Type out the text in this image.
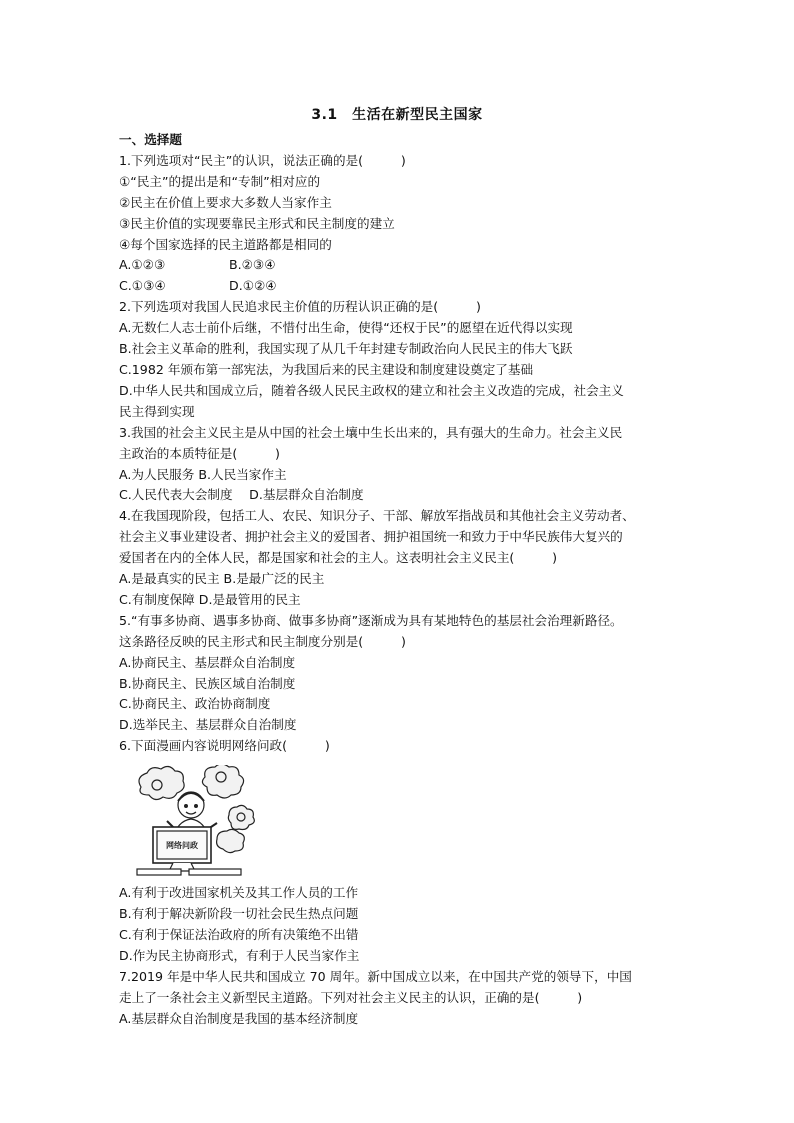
3.1　生活在新型民主国家
一、选择题
1.下列选项对“民主”的认识，说法正确的是(　　　)
①“民主”的提出是和“专制”相对应的
②民主在价值上要求大多数人当家作主
③民主价值的实现要靠民主形式和民主制度的建立
④每个国家选择的民主道路都是相同的
A.①②③	B.②③④
C.①③④	D.①②④
2.下列选项对我国人民追求民主价值的历程认识正确的是(　　　)
A.无数仁人志士前仆后继，不惜付出生命，使得“还权于民”的愿望在近代得以实现
B.社会主义革命的胜利，我国实现了从几千年封建专制政治向人民民主的伟大飞跃
C.1982 年颁布第一部宪法，为我国后来的民主建设和制度建设奠定了基础
D.中华人民共和国成立后，随着各级人民民主政权的建立和社会主义改造的完成，社会主义
民主得到实现
3.我国的社会主义民主是从中国的社会土壤中生长出来的，具有强大的生命力。社会主义民
主政治的本质特征是(　　　)
A.为人民服务 B.人民当家作主
C.人民代表大会制度　 D.基层群众自治制度
4.在我国现阶段，包括工人、农民、知识分子、干部、解放军指战员和其他社会主义劳动者、
社会主义事业建设者、拥护社会主义的爱国者、拥护祖国统一和致力于中华民族伟大复兴的
爱国者在内的全体人民，都是国家和社会的主人。这表明社会主义民主(　　　)
A.是最真实的民主 B.是最广泛的民主
C.有制度保障 D.是最管用的民主
5.“有事多协商、遇事多协商、做事多协商”逐渐成为具有某地特色的基层社会治理新路径。
这条路径反映的民主形式和民主制度分别是(　　　)
A.协商民主、基层群众自治制度
B.协商民主、民族区域自治制度
C.协商民主、政治协商制度
D.选举民主、基层群众自治制度
6.下面漫画内容说明网络问政(　　　)
网络问政
A.有利于改进国家机关及其工作人员的工作
B.有利于解决新阶段一切社会民生热点问题
C.有利于保证法治政府的所有决策绝不出错
D.作为民主协商形式，有利于人民当家作主
7.2019 年是中华人民共和国成立 70 周年。新中国成立以来，在中国共产党的领导下，中国
走上了一条社会主义新型民主道路。下列对社会主义民主的认识，正确的是(　　　)
A.基层群众自治制度是我国的基本经济制度
